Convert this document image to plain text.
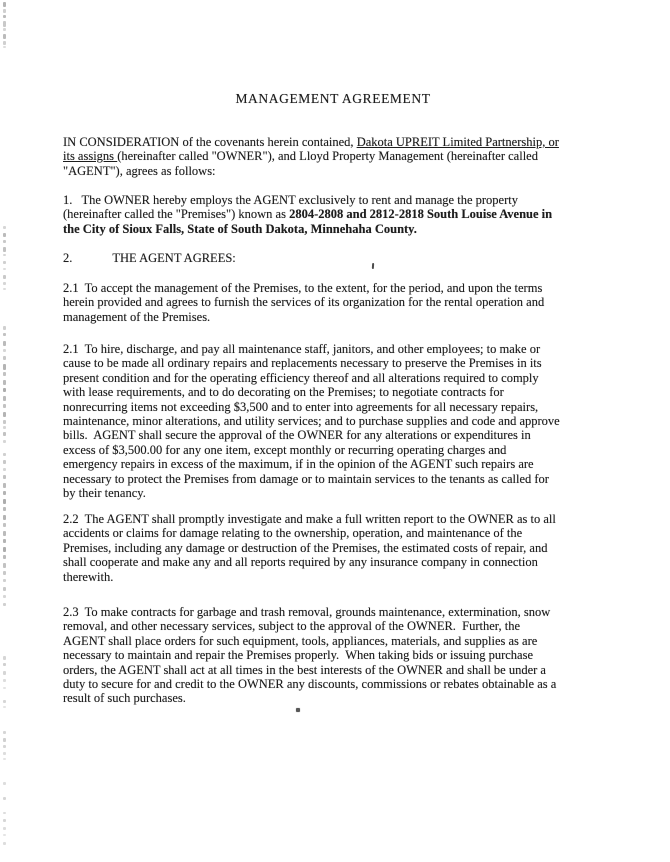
MANAGEMENT AGREEMENT
IN CONSIDERATION of the covenants herein contained, Dakota UPREIT Limited Partnership, or
its assigns (hereinafter called "OWNER"), and Lloyd Property Management (hereinafter called
"AGENT"), agrees as follows:
1.   The OWNER hereby employs the AGENT exclusively to rent and manage the property
(hereinafter called the "Premises") known as 2804-2808 and 2812-2818 South Louise Avenue in
the City of Sioux Falls, State of South Dakota, Minnehaha County.
2.	THE AGENT AGREES:
2.1  To accept the management of the Premises, to the extent, for the period, and upon the terms
herein provided and agrees to furnish the services of its organization for the rental operation and
management of the Premises.
2.1  To hire, discharge, and pay all maintenance staff, janitors, and other employees; to make or
cause to be made all ordinary repairs and replacements necessary to preserve the Premises in its
present condition and for the operating efficiency thereof and all alterations required to comply
with lease requirements, and to do decorating on the Premises; to negotiate contracts for
nonrecurring items not exceeding $3,500 and to enter into agreements for all necessary repairs,
maintenance, minor alterations, and utility services; and to purchase supplies and code and approve
bills.  AGENT shall secure the approval of the OWNER for any alterations or expenditures in
excess of $3,500.00 for any one item, except monthly or recurring operating charges and
emergency repairs in excess of the maximum, if in the opinion of the AGENT such repairs are
necessary to protect the Premises from damage or to maintain services to the tenants as called for
by their tenancy.
2.2  The AGENT shall promptly investigate and make a full written report to the OWNER as to all
accidents or claims for damage relating to the ownership, operation, and maintenance of the
Premises, including any damage or destruction of the Premises, the estimated costs of repair, and
shall cooperate and make any and all reports required by any insurance company in connection
therewith.
2.3  To make contracts for garbage and trash removal, grounds maintenance, extermination, snow
removal, and other necessary services, subject to the approval of the OWNER.  Further, the
AGENT shall place orders for such equipment, tools, appliances, materials, and supplies as are
necessary to maintain and repair the Premises properly.  When taking bids or issuing purchase
orders, the AGENT shall act at all times in the best interests of the OWNER and shall be under a
duty to secure for and credit to the OWNER any discounts, commissions or rebates obtainable as a
result of such purchases.
